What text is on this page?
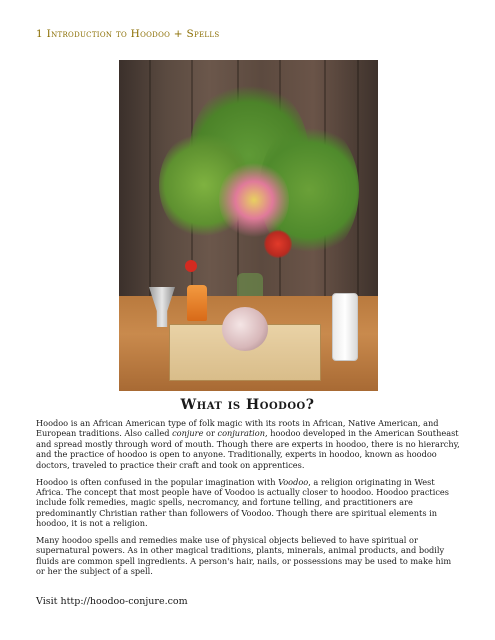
1 Introduction to Hoodoo + Spells
What is Hoodoo?

Hoodoo is an African American type of folk magic with its roots in African, Native American, and European traditions. Also called conjure or conjuration, hoodoo developed in the American Southeast and spread mostly through word of mouth. Though there are experts in hoodoo, there is no hierarchy, and the practice of hoodoo is open to anyone. Traditionally, experts in hoodoo, known as hoodoo doctors, traveled to practice their craft and took on apprentices.

Hoodoo is often confused in the popular imagination with Voodoo, a religion originating in West Africa. The concept that most people have of Voodoo is actually closer to hoodoo. Hoodoo practices include folk remedies, magic spells, necromancy, and fortune telling, and practitioners are predominantly Christian rather than followers of Voodoo. Though there are spiritual elements in hoodoo, it is not a religion.

Many hoodoo spells and remedies make use of physical objects believed to have spiritual or supernatural powers. As in other magical traditions, plants, minerals, animal products, and bodily fluids are common spell ingredients. A person's hair, nails, or possessions may be used to make him or her the subject of a spell.

Visit http://hoodoo-conjure.com
